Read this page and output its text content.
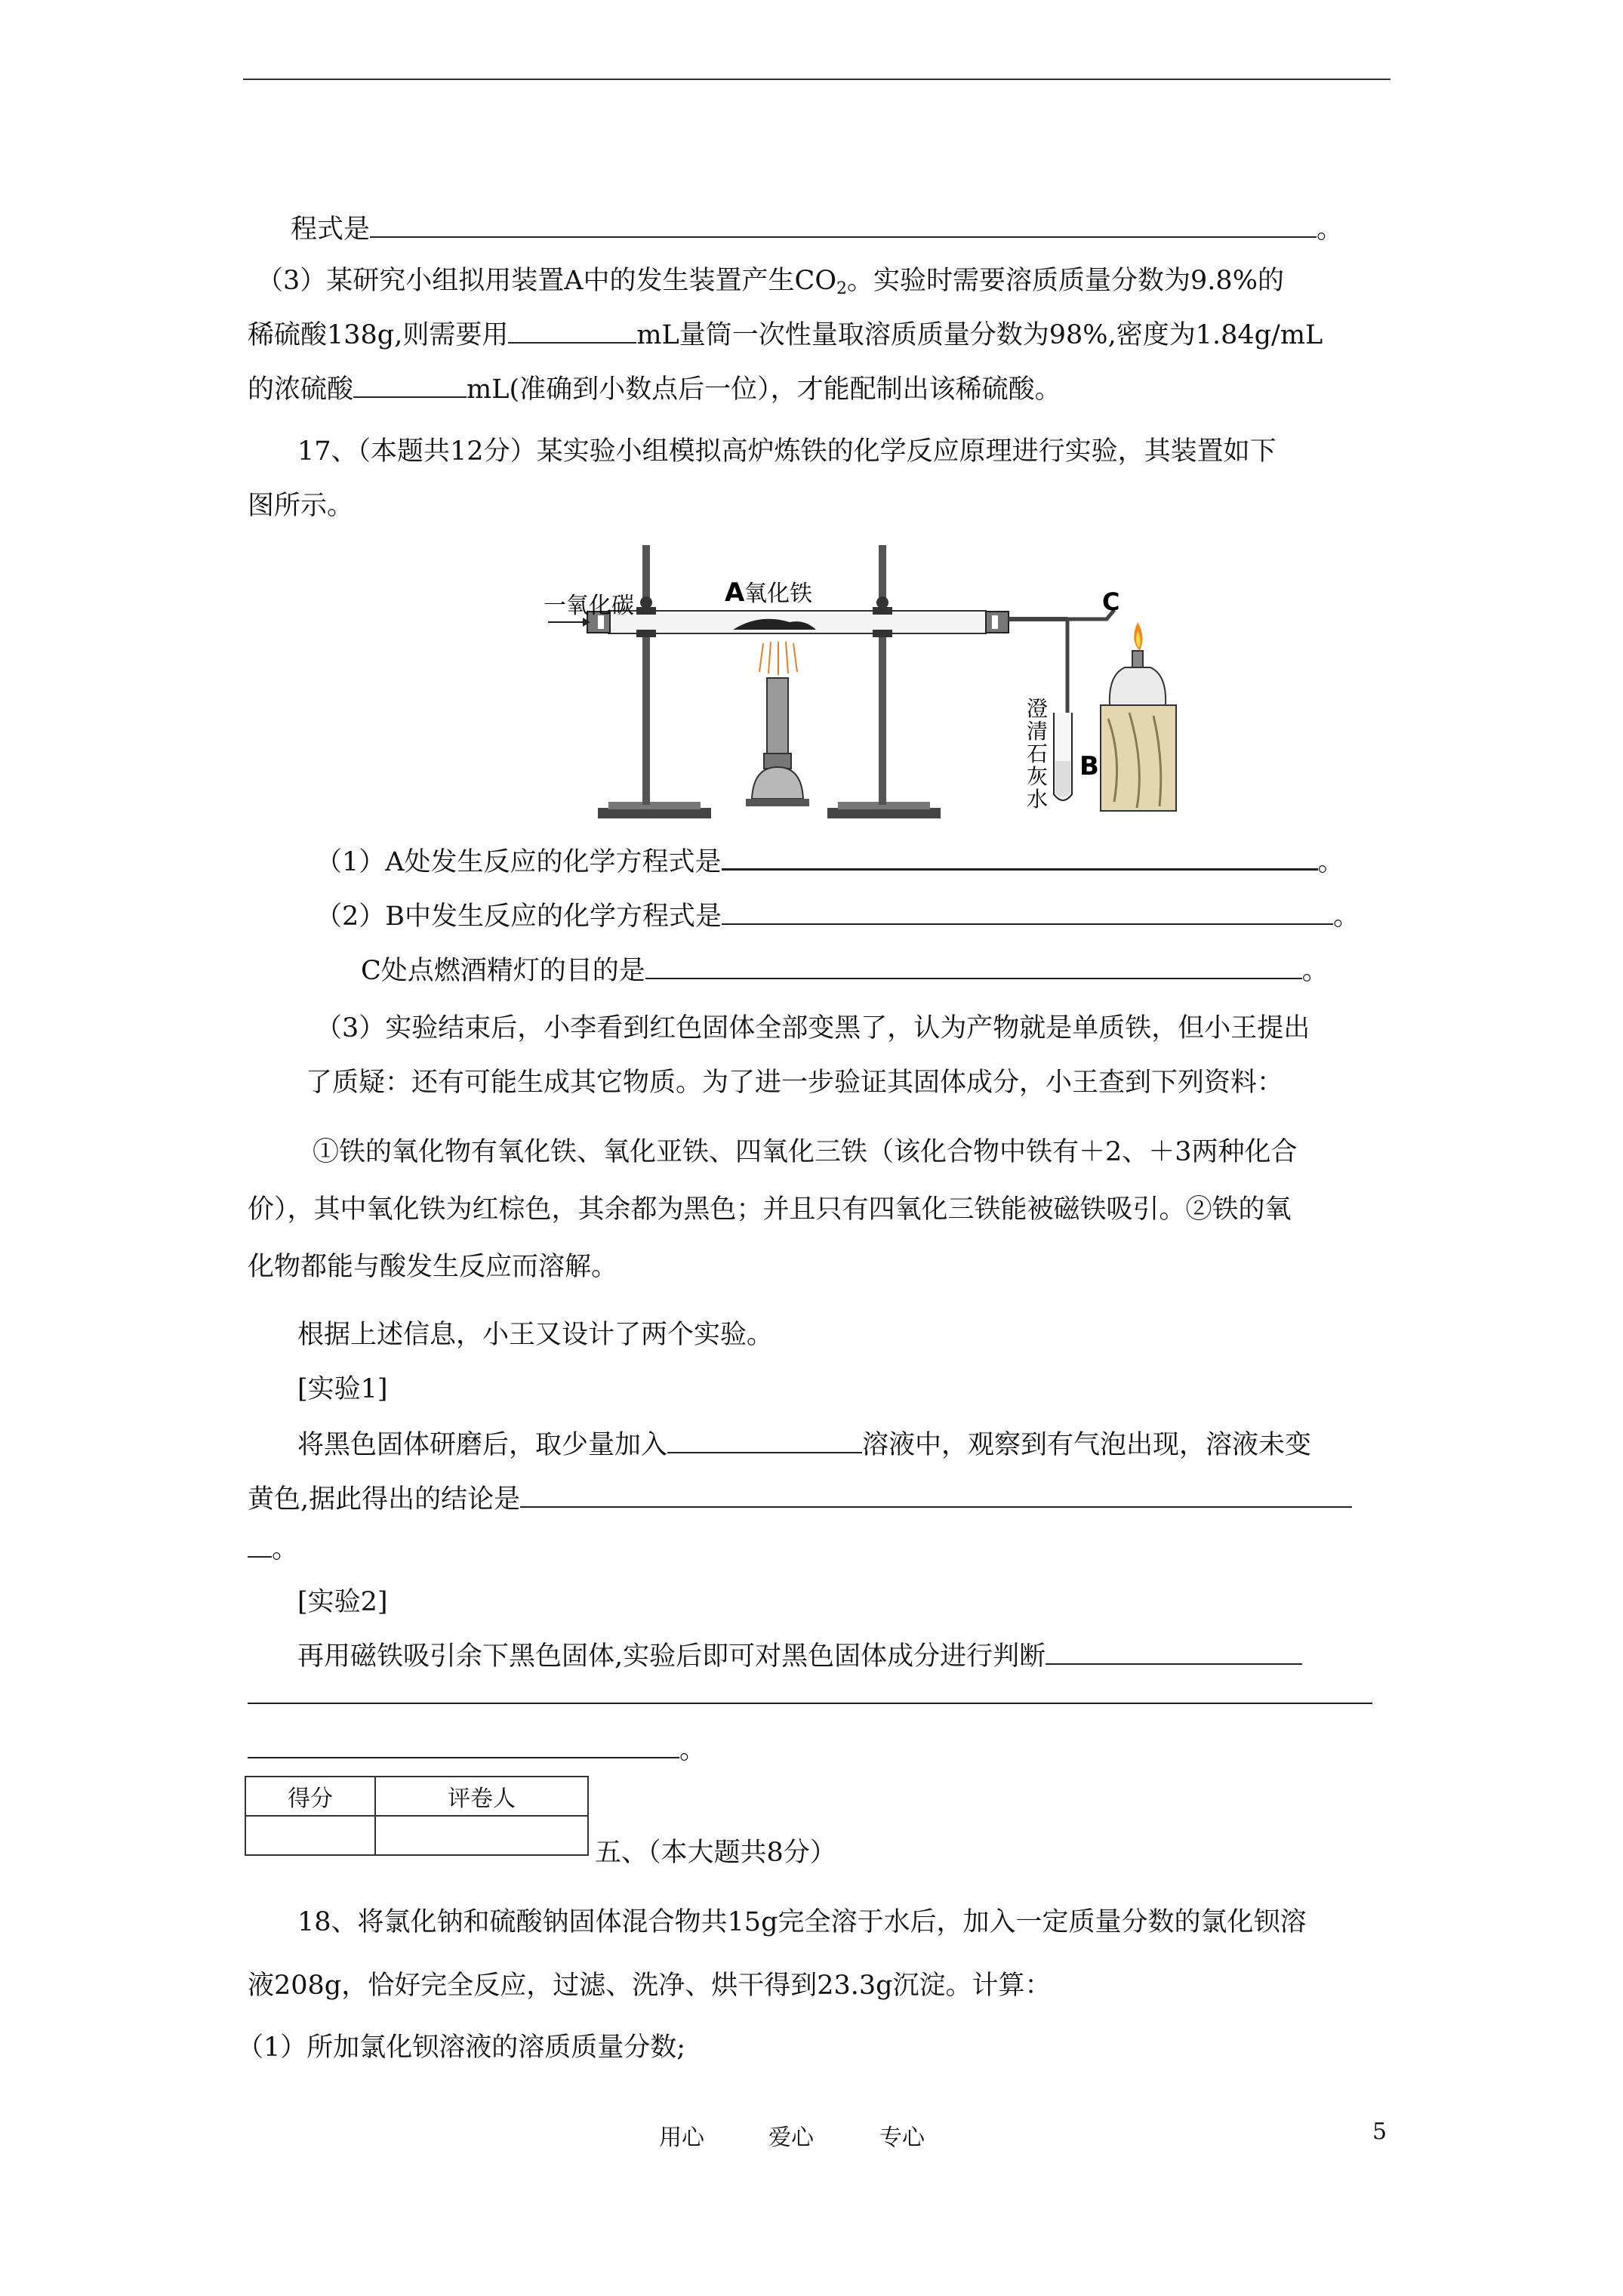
程式是	。
（3）某研究小组拟用装置A中的发生装置产生$CO_2$。实验时需要溶质质量分数为9.8%的
稀硫酸138g,则需要用	mL量筒一次性量取溶质质量分数为98%,密度为1.84g/mL
的浓硫酸	mL(准确到小数点后一位），才能配制出该稀硫酸。
17、（本题共12分）某实验小组模拟高炉炼铁的化学反应原理进行实验，其装置如下
图所示。
一氧化碳	A 氧化铁	C
B
澄
清
石
灰
水
（1）A处发生反应的化学方程式是	。
（2）B中发生反应的化学方程式是	。
C处点燃酒精灯的目的是	。
（3）实验结束后，小李看到红色固体全部变黑了，认为产物就是单质铁，但小王提出
了质疑：还有可能生成其它物质。为了进一步验证其固体成分，小王查到下列资料：
①铁的氧化物有氧化铁、氧化亚铁、四氧化三铁（该化合物中铁有＋2、＋3两种化合
价），其中氧化铁为红棕色，其余都为黑色；并且只有四氧化三铁能被磁铁吸引。②铁的氧
化物都能与酸发生反应而溶解。
根据上述信息，小王又设计了两个实验。
[实验1]
将黑色固体研磨后，取少量加入	溶液中，观察到有气泡出现，溶液未变
黄色,据此得出的结论是
。
[实验2]
再用磁铁吸引余下黑色固体,实验后即可对黑色固体成分进行判断
。
得分	评卷人

五、（本大题共8分）
18、将氯化钠和硫酸钠固体混合物共15g完全溶于水后，加入一定质量分数的氯化钡溶
液208g，恰好完全反应，过滤、洗净、烘干得到23.3g沉淀。计算：
（1）所加氯化钡溶液的溶质质量分数;
用心	爱心	专心	5
